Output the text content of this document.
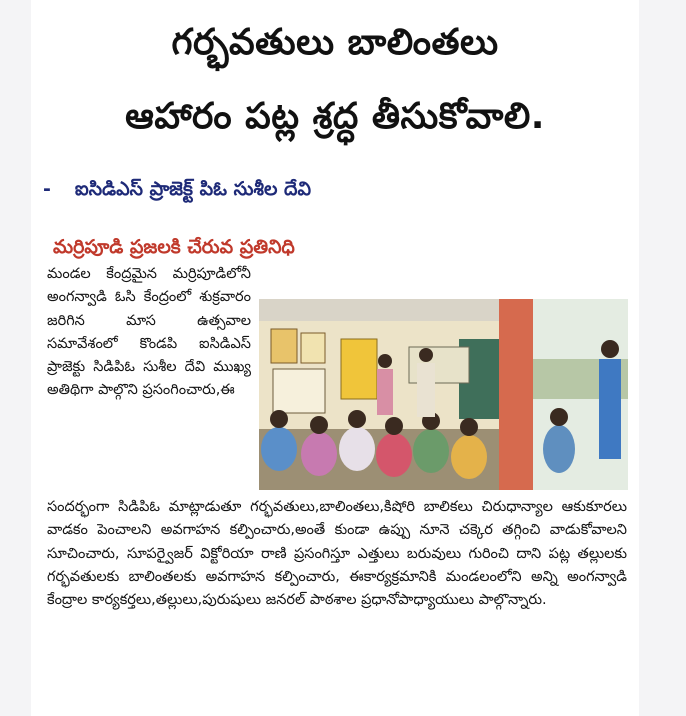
గర్భవతులు బాలింతలు
ఆహారం పట్ల శ్రద్ధ తీసుకోవాలి.
- ఐసిడిఎస్ ప్రాజెక్ట్ పిఓ సుశీల దేవి
మర్రిపూడి ప్రజలకి చేరువ ప్రతినిధి
మండల కేంద్రమైన మర్రిపూడిలోనీ అంగన్వాడి ఓసి కేంద్రంలో శుక్రవారం జరిగిన మాస ఉత్సవాల సమావేశంలో కొండపి ఐసిడిఎస్ ప్రాజెక్టు సిడిపిఓ సుశీల దేవి ముఖ్య అతిథిగా పాల్గొని ప్రసంగించారు,ఈ
సందర్భంగా సిడిపిఓ మాట్లాడుతూ గర్భవతులు,బాలింతలు,కిషోరి బాలికలు చిరుధాన్యాల ఆకుకూరలు వాడకం పెంచాలని అవగాహన కల్పించారు,అంతే కుండా ఉప్పు నూనె చక్కెర తగ్గించి వాడుకోవాలని సూచించారు, సూపర్వైజర్ విక్టోరియా రాణి ప్రసంగిస్తూ ఎత్తులు బరువులు గురించి దాని పట్ల తల్లులకు గర్భవతులకు బాలింతలకు అవగాహన కల్పించారు, ఈకార్యక్రమానికి మండలంలోని అన్ని అంగన్వాడి కేంద్రాల కార్యకర్తలు,తల్లులు,పురుషులు జనరల్ పాఠశాల ప్రధానోపాధ్యాయులు పాల్గొన్నారు.
